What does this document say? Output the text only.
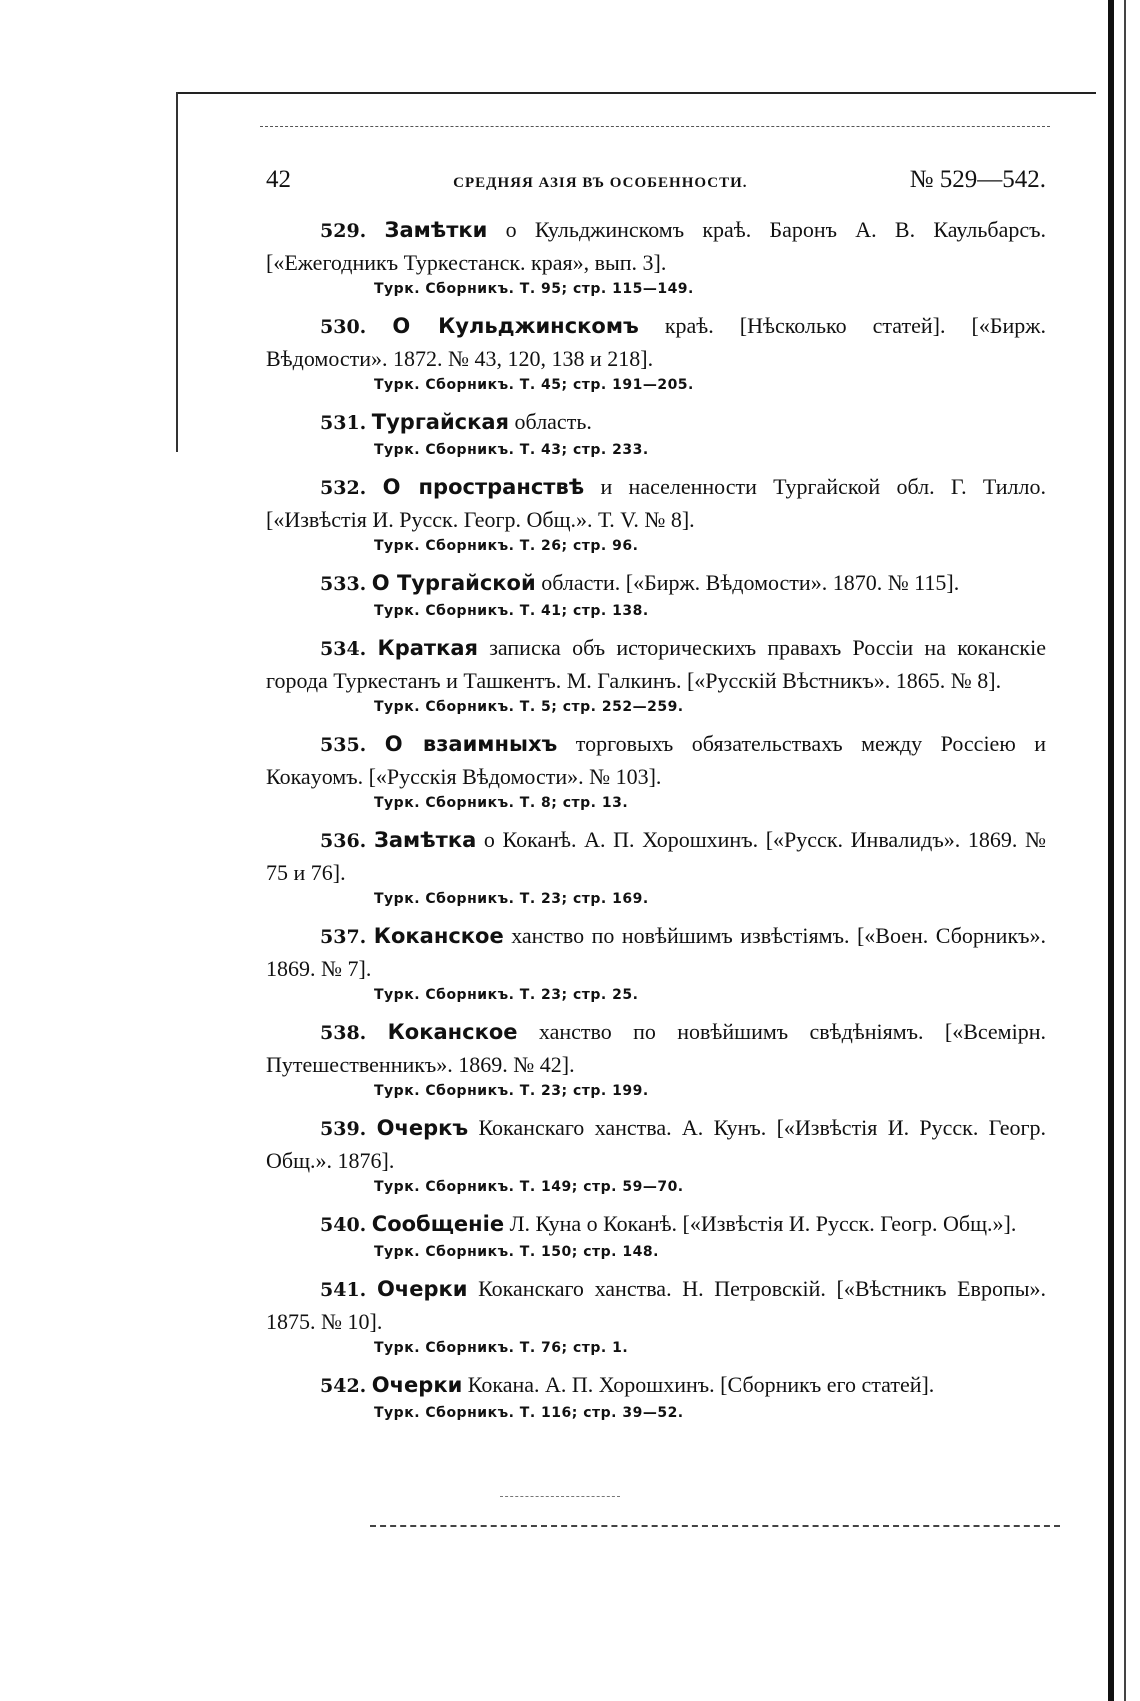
42	СРЕДНЯЯ АЗІЯ ВЪ ОСОБЕННОСТИ.	№ 529—542.

529. Замѣтки о Кульджинскомъ краѣ. Баронъ А. В. Каульбарсъ. [«Ежегодникъ Туркестанск. края», вып. 3].

Турк. Сборникъ. Т. 95; стр. 115—149.

530. О Кульджинскомъ краѣ. [Нѣсколько статей]. [«Бирж. Вѣдомости». 1872. № 43, 120, 138 и 218].

Турк. Сборникъ. Т. 45; стр. 191—205.

531. Тургайская область.

Турк. Сборникъ. Т. 43; стр. 233.

532. О пространствѣ и населенности Тургайской обл. Г. Тилло. [«Извѣстія И. Русск. Геогр. Общ.». Т. V. № 8].

Турк. Сборникъ. Т. 26; стр. 96.

533. О Тургайской области. [«Бирж. Вѣдомости». 1870. № 115].

Турк. Сборникъ. Т. 41; стр. 138.

534. Краткая записка объ историческихъ правахъ Россіи на коканскіе города Туркестанъ и Ташкентъ. М. Галкинъ. [«Русскій Вѣстникъ». 1865. № 8].

Турк. Сборникъ. Т. 5; стр. 252—259.

535. О взаимныхъ торговыхъ обязательствахъ между Россіею и Кокаyомъ. [«Русскія Вѣдомости». № 103].

Турк. Сборникъ. Т. 8; стр. 13.

536. Замѣтка о Коканѣ. А. П. Хорошхинъ. [«Русск. Инвалидъ». 1869. № 75 и 76].

Турк. Сборникъ. Т. 23; стр. 169.

537. Коканское ханство по новѣйшимъ извѣстіямъ. [«Воен. Сборникъ». 1869. № 7].

Турк. Сборникъ. Т. 23; стр. 25.

538. Коканское ханство по новѣйшимъ свѣдѣніямъ. [«Всемірн. Путешественникъ». 1869. № 42].

Турк. Сборникъ. Т. 23; стр. 199.

539. Очеркъ Коканскаго ханства. А. Кунъ. [«Извѣстія И. Русск. Геогр. Общ.». 1876].

Турк. Сборникъ. Т. 149; стр. 59—70.

540. Сообщеніе Л. Куна о Коканѣ. [«Извѣстія И. Русск. Геогр. Общ.»].

Турк. Сборникъ. Т. 150; стр. 148.

541. Очерки Коканскаго ханства. Н. Петровскій. [«Вѣстникъ Европы». 1875. № 10].

Турк. Сборникъ. Т. 76; стр. 1.

542. Очерки Кокана. А. П. Хорошхинъ. [Сборникъ его статей].

Турк. Сборникъ. Т. 116; стр. 39—52.
